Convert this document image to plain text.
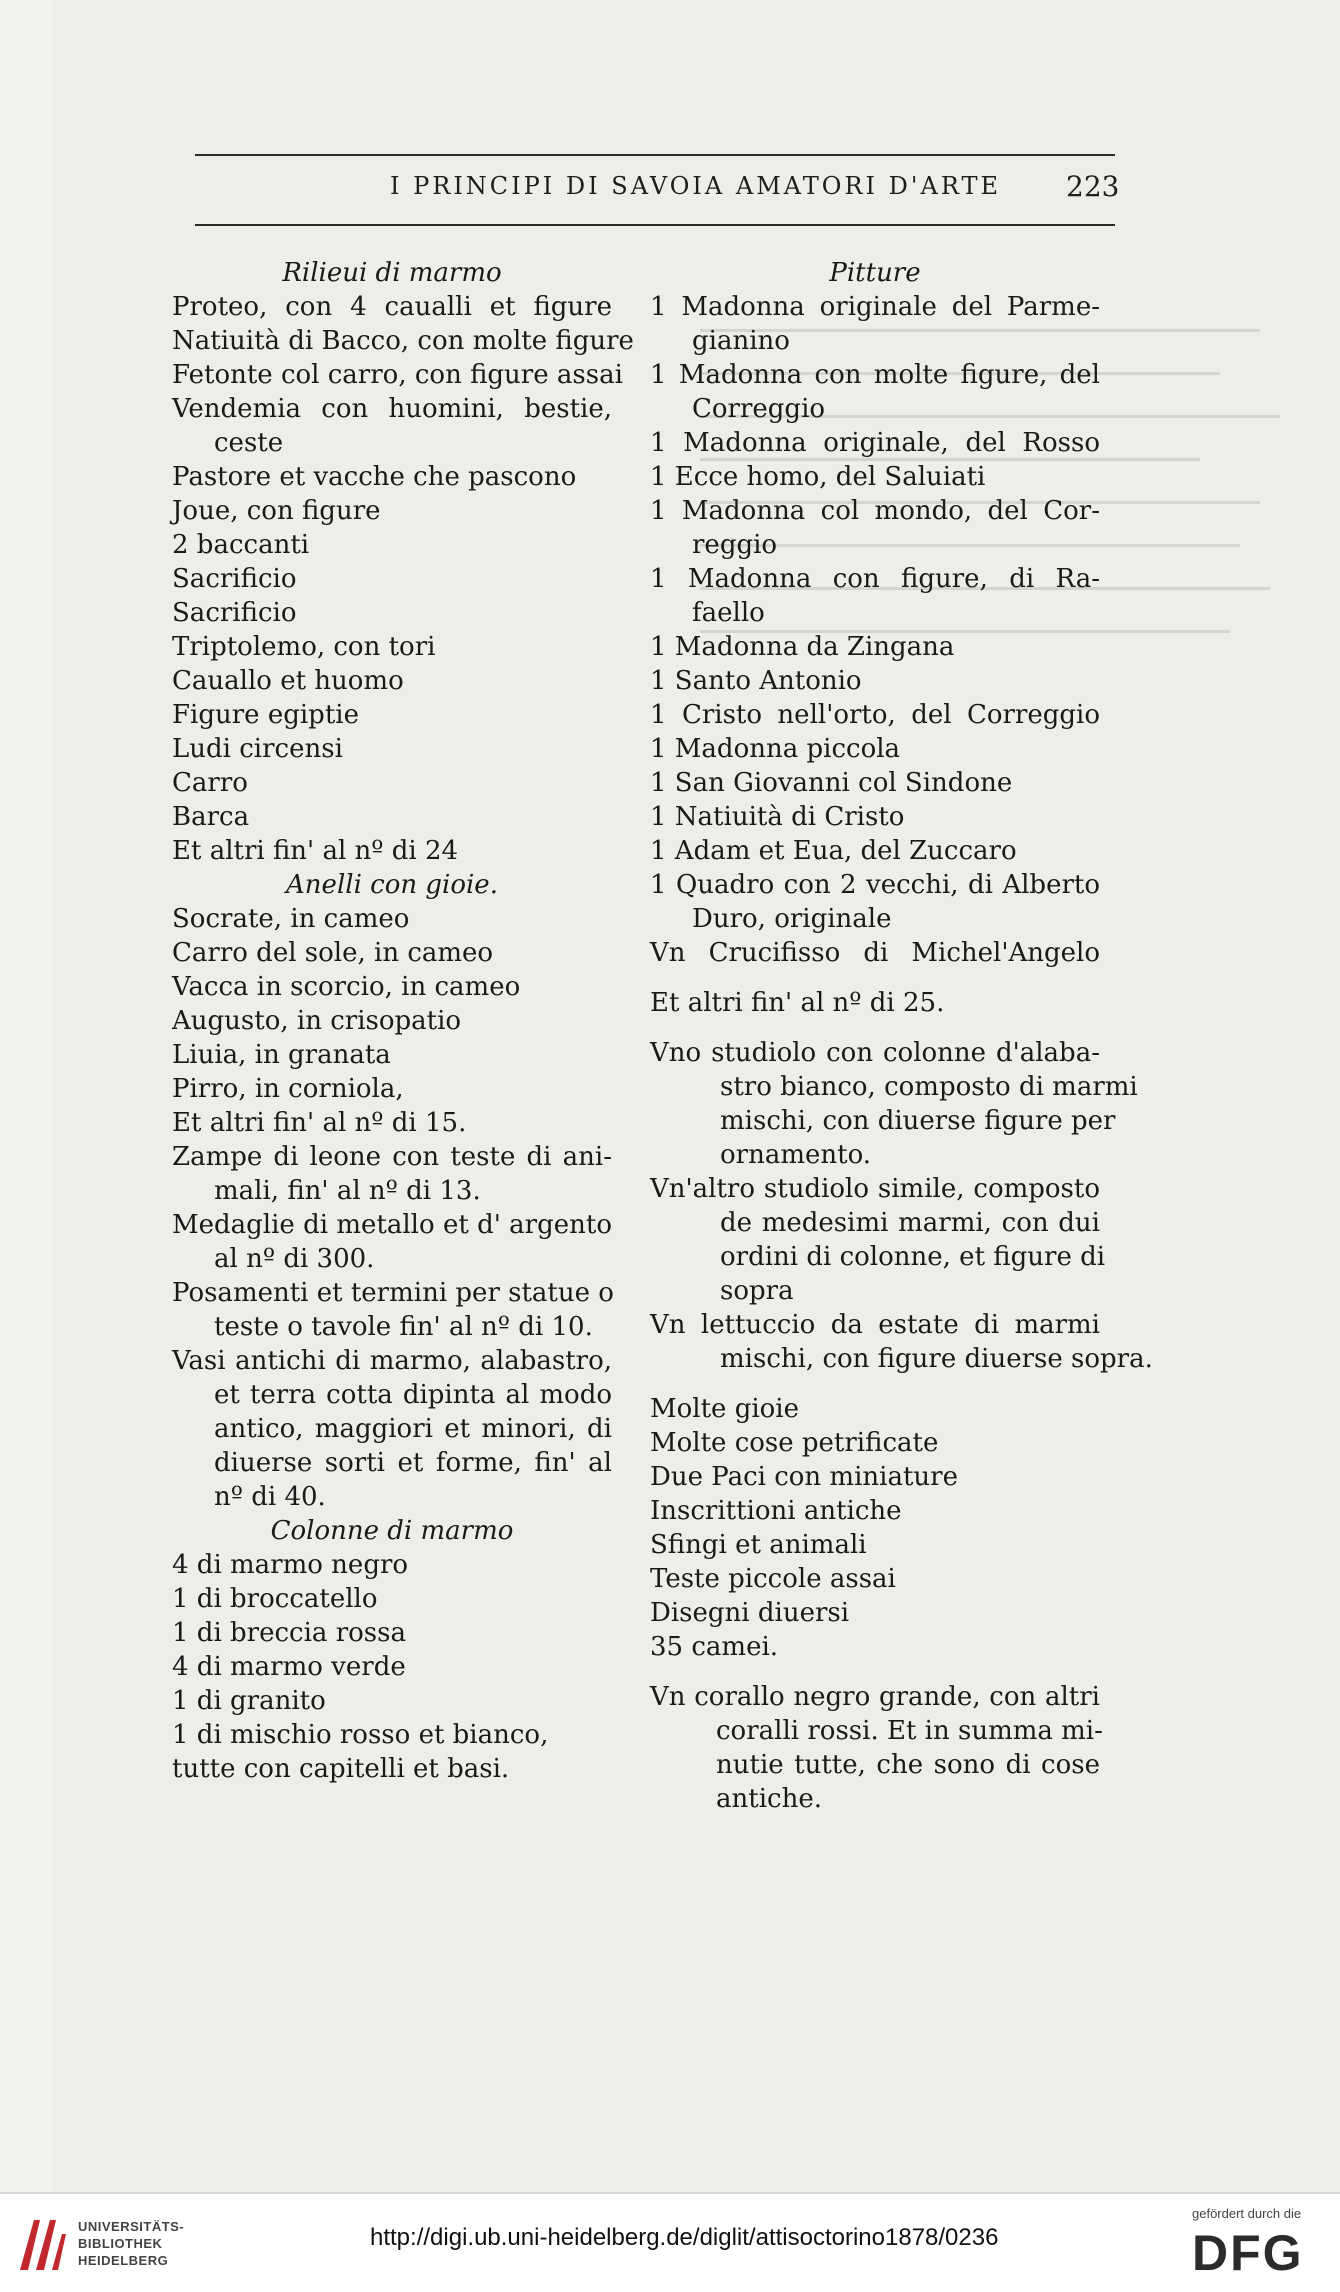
I PRINCIPI DI SAVOIA AMATORI D'ARTE 223
Rilieui di marmo
Proteo, con 4 caualli et figure
Natiuità di Bacco, con molte figure
Fetonte col carro, con figure assai
Vendemia con huomini, bestie,
ceste
Pastore et vacche che pascono
Joue, con figure
2 baccanti
Sacrificio
Sacrificio
Triptolemo, con tori
Cauallo et huomo
Figure egiptie
Ludi circensi
Carro
Barca
Et altri fin' al nº di 24
Anelli con gioie.
Socrate, in cameo
Carro del sole, in cameo
Vacca in scorcio, in cameo
Augusto, in crisopatio
Liuia, in granata
Pirro, in corniola,
Et altri fin' al nº di 15.
Zampe di leone con teste di ani-
mali, fin' al nº di 13.
Medaglie di metallo et d' argento
al nº di 300.
Posamenti et termini per statue o
teste o tavole fin' al nº di 10.
Vasi antichi di marmo, alabastro,
et terra cotta dipinta al modo
antico, maggiori et minori, di
diuerse sorti et forme, fin' al
nº di 40.
Colonne di marmo
4 di marmo negro
1 di broccatello
1 di breccia rossa
4 di marmo verde
1 di granito
1 di mischio rosso et bianco,
tutte con capitelli et basi.
Pitture
1 Madonna originale del Parme-
gianino
1 Madonna con molte figure, del
Correggio
1 Madonna originale, del Rosso
1 Ecce homo, del Saluiati
1 Madonna col mondo, del Cor-
reggio
1 Madonna con figure, di Ra-
faello
1 Madonna da Zingana
1 Santo Antonio
1 Cristo nell'orto, del Correggio
1 Madonna piccola
1 San Giovanni col Sindone
1 Natiuità di Cristo
1 Adam et Eua, del Zuccaro
1 Quadro con 2 vecchi, di Alberto
Duro, originale
Vn Crucifisso di Michel'Angelo
Et altri fin' al nº di 25.
Vno studiolo con colonne d'alaba-
stro bianco, composto di marmi
mischi, con diuerse figure per
ornamento.
Vn'altro studiolo simile, composto
de medesimi marmi, con dui
ordini di colonne, et figure di
sopra
Vn lettuccio da estate di marmi
mischi, con figure diuerse sopra.
Molte gioie
Molte cose petrificate
Due Paci con miniature
Inscrittioni antiche
Sfingi et animali
Teste piccole assai
Disegni diuersi
35 camei.
Vn corallo negro grande, con altri
coralli rossi. Et in summa mi-
nutie tutte, che sono di cose
antiche.
UNIVERSITÄTS-
BIBLIOTHEK
HEIDELBERG
http://digi.ub.uni-heidelberg.de/diglit/attisoctorino1878/0236
gefördert durch die
DFG
